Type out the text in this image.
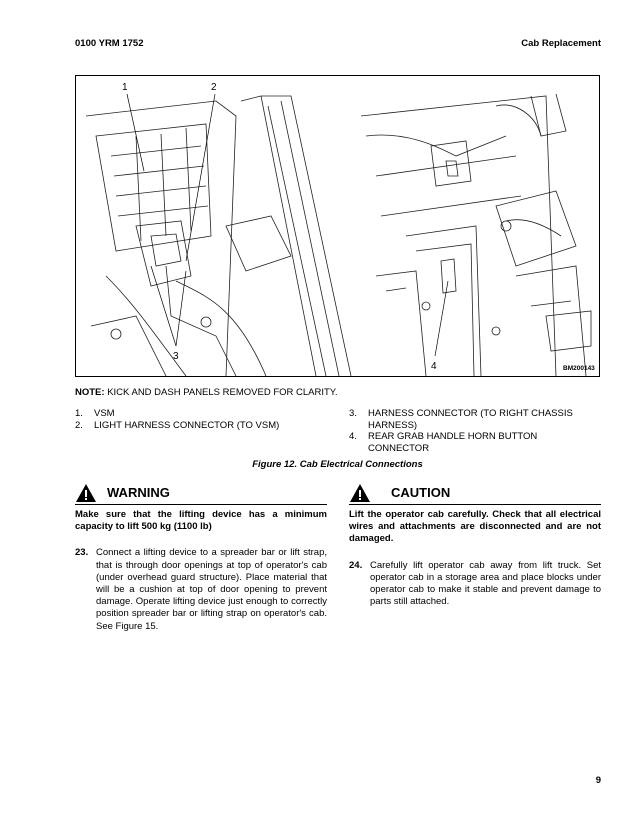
0100 YRM 1752	Cab Replacement
1	2
3
4	BM200143
NOTE: KICK AND DASH PANELS REMOVED FOR CLARITY.
1.	VSM
2.	LIGHT HARNESS CONNECTOR (TO VSM)
3.	HARNESS CONNECTOR (TO RIGHT CHASSIS HARNESS)
4.	REAR GRAB HANDLE HORN BUTTON CONNECTOR
Figure 12. Cab Electrical Connections
WARNING
Make sure that the lifting device has a minimum capacity to lift 500 kg (1100 lb)
23. Connect a lifting device to a spreader bar or lift strap, that is through door openings at top of operator's cab (under overhead guard structure). Place material that will be a cushion at top of door opening to prevent damage. Operate lifting device just enough to correctly position spreader bar or lifting strap on operator's cab. See Figure 15.
CAUTION
Lift the operator cab carefully. Check that all electrical wires and attachments are disconnected and are not damaged.
24. Carefully lift operator cab away from lift truck. Set operator cab in a storage area and place blocks under operator cab to make it stable and prevent damage to parts still attached.
9
